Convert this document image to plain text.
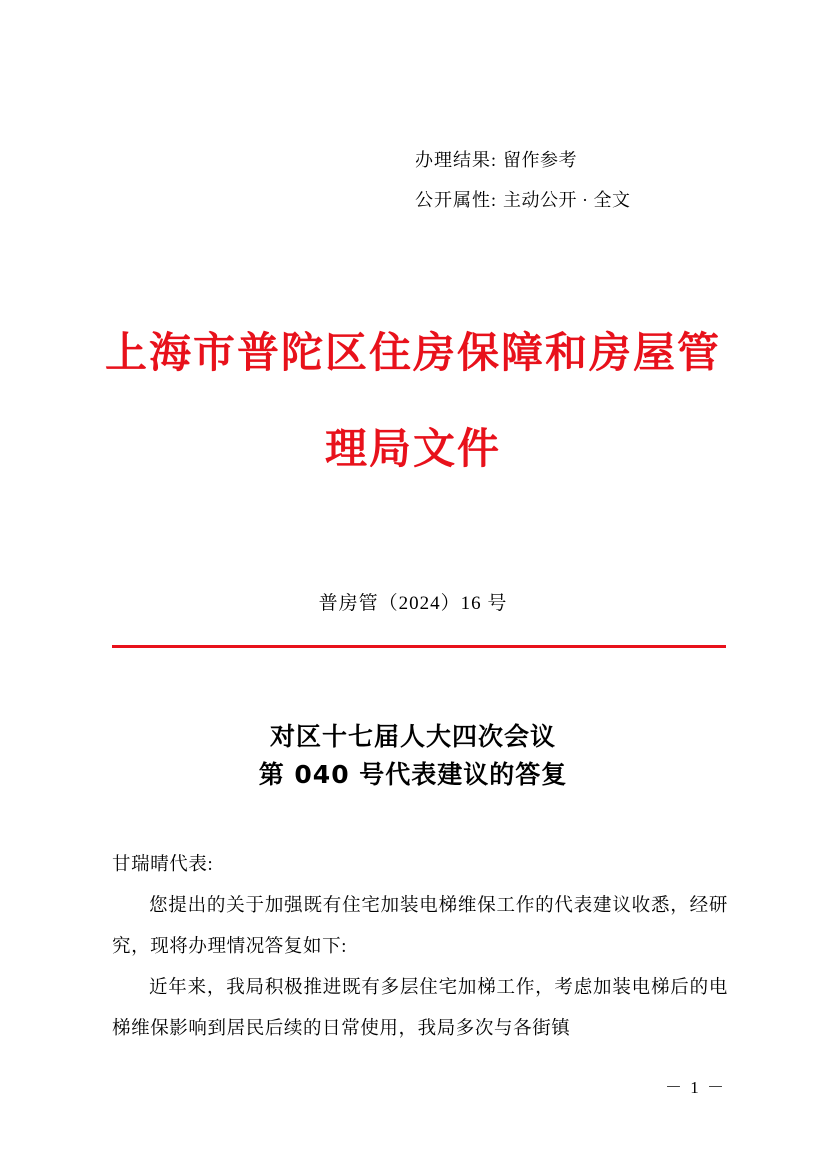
办理结果: 留作参考
公开属性: 主动公开 · 全文
上海市普陀区住房保障和房屋管理局文件
普房管（2024）16 号
对区十七届人大四次会议
第 040 号代表建议的答复

甘瑞晴代表:

您提出的关于加强既有住宅加装电梯维保工作的代表建议收悉，经研究，现将办理情况答复如下:

近年来，我局积极推进既有多层住宅加梯工作，考虑加装电梯后的电梯维保影响到居民后续的日常使用，我局多次与各街镇

－ 1 －
